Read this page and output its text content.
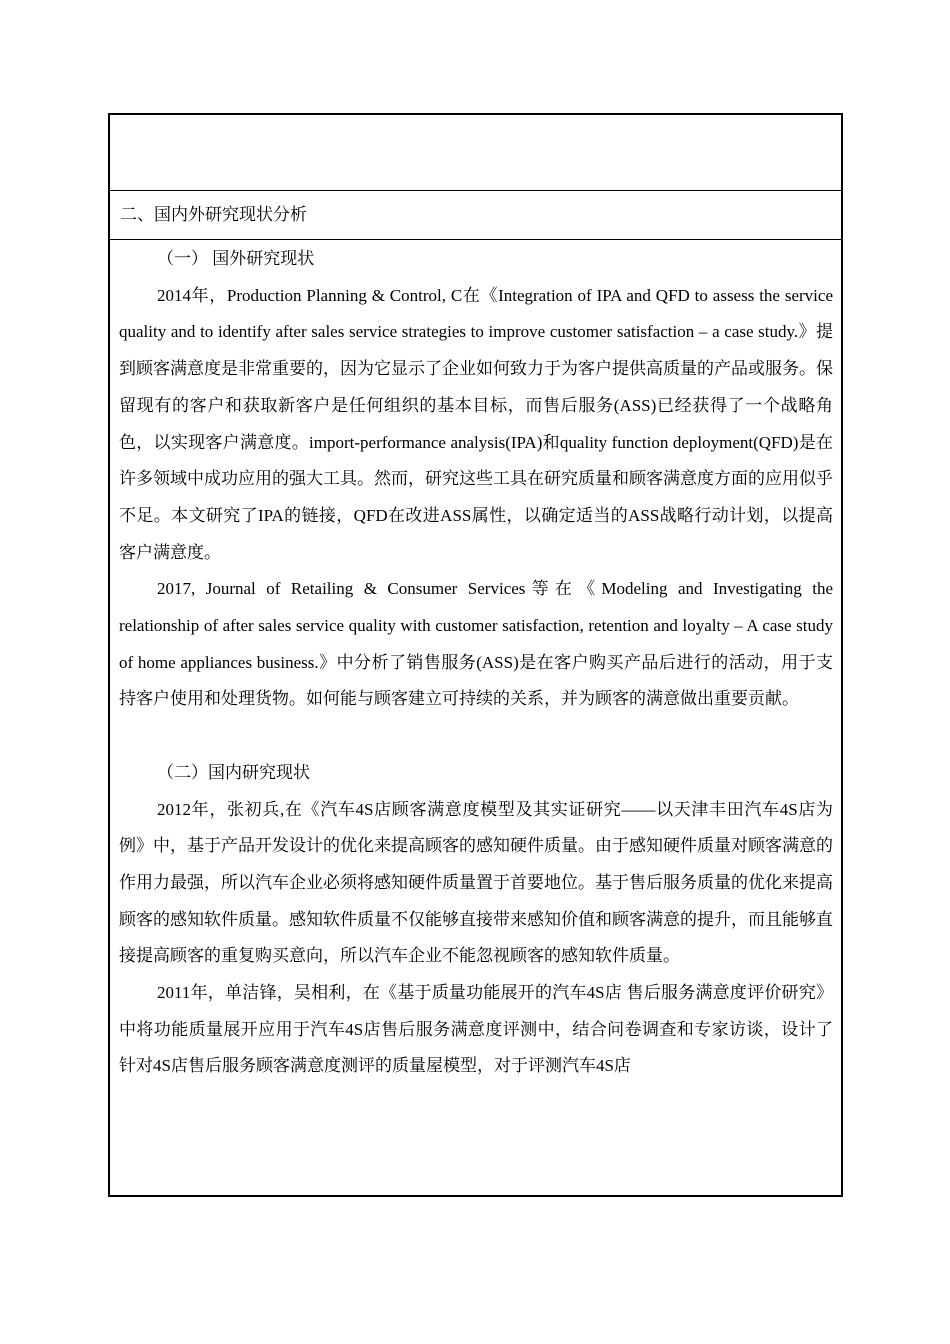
二、国内外研究现状分析

（一） 国外研究现状

2014年，Production Planning & Control, C在《Integration of IPA and QFD to assess the service quality and to identify after sales service strategies to improve customer satisfaction – a case study.》提到顾客满意度是非常重要的，因为它显示了企业如何致力于为客户提供高质量的产品或服务。保留现有的客户和获取新客户是任何组织的基本目标，而售后服务(ASS)已经获得了一个战略角色，以实现客户满意度。import-performance analysis(IPA)和quality function deployment(QFD)是在许多领域中成功应用的强大工具。然而，研究这些工具在研究质量和顾客满意度方面的应用似乎不足。本文研究了IPA的链接，QFD在改进ASS属性，以确定适当的ASS战略行动计划，以提高客户满意度。

2017, Journal of Retailing & Consumer Services等在《Modeling and Investigating the relationship of after sales service quality with customer satisfaction, retention and loyalty – A case study of home appliances business.》中分析了销售服务(ASS)是在客户购买产品后进行的活动，用于支持客户使用和处理货物。如何能与顾客建立可持续的关系，并为顾客的满意做出重要贡献。

（二）国内研究现状

2012年，张初兵,在《汽车4S店顾客满意度模型及其实证研究——以天津丰田汽车4S店为例》中，基于产品开发设计的优化来提高顾客的感知硬件质量。由于感知硬件质量对顾客满意的作用力最强，所以汽车企业必须将感知硬件质量置于首要地位。基于售后服务质量的优化来提高顾客的感知软件质量。感知软件质量不仅能够直接带来感知价值和顾客满意的提升，而且能够直接提高顾客的重复购买意向，所以汽车企业不能忽视顾客的感知软件质量。

2011年，单洁锋，吴相利，在《基于质量功能展开的汽车4S店 售后服务满意度评价研究》中将功能质量展开应用于汽车4S店售后服务满意度评测中，结合问卷调查和专家访谈，设计了针对4S店售后服务顾客满意度测评的质量屋模型，对于评测汽车4S店
